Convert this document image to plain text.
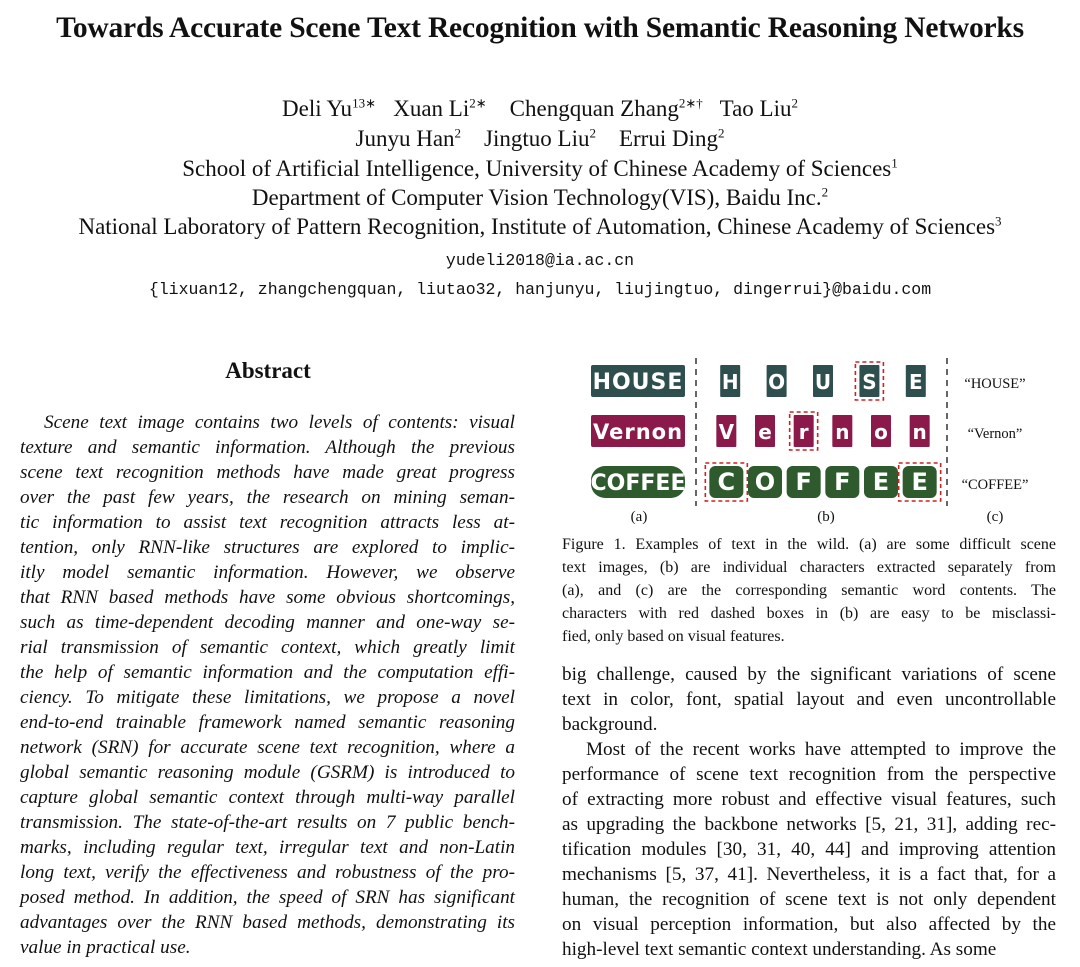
Towards Accurate Scene Text Recognition with Semantic Reasoning Networks
Deli $Yu^{13∗}$ Xuan $Li^{2∗}$ Chengquan Zhang$^{2∗\dagger}$ Tao Liu$^2$
Junyu Han$^2$ Jingtuo Liu$^2$ Errui Ding$^2$
School of Artificial Intelligence, University of Chinese Academy of Sciences$^1$
Department of Computer Vision Technology(VIS), Baidu Inc.$^2$
National Laboratory of Pattern Recognition, Institute of Automation, Chinese Academy of Sciences$^3$
yudeli2018@ia.ac.cn
{lixuan12, zhangchengquan, liutao32, hanjunyu, liujingtuo, dingerrui}@baidu.com
Abstract
Scene text image contains two levels of contents: visual
texture and semantic information. Although the previous
scene text recognition methods have made great progress
over the past few years, the research on mining seman-
tic information to assist text recognition attracts less at-
tention, only RNN-like structures are explored to implic-
itly model semantic information. However, we observe
that RNN based methods have some obvious shortcomings,
such as time-dependent decoding manner and one-way se-
rial transmission of semantic context, which greatly limit
the help of semantic information and the computation effi-
ciency. To mitigate these limitations, we propose a novel
end-to-end trainable framework named semantic reasoning
network (SRN) for accurate scene text recognition, where a
global semantic reasoning module (GSRM) is introduced to
capture global semantic context through multi-way parallel
transmission. The state-of-the-art results on 7 public bench-
marks, including regular text, irregular text and non-Latin
long text, verify the effectiveness and robustness of the pro-
posed method. In addition, the speed of SRN has significant
advantages over the RNN based methods, demonstrating its
value in practical use.
HOUSE H O U S E	“HOUSE”
Vernon V e r n o n	“Vernon”
COFFEE C O F F E E “COFFEE”
(a)	(b)	(c)
Figure 1. Examples of text in the wild. (a) are some difficult scene
text images, (b) are individual characters extracted separately from
(a), and (c) are the corresponding semantic word contents. The
characters with red dashed boxes in (b) are easy to be misclassi-
fied, only based on visual features.
big challenge, caused by the significant variations of scene
text in color, font, spatial layout and even uncontrollable
background.
Most of the recent works have attempted to improve the
performance of scene text recognition from the perspective
of extracting more robust and effective visual features, such
as upgrading the backbone networks [5, 21, 31], adding rec-
tification modules [30, 31, 40, 44] and improving attention
mechanisms [5, 37, 41]. Nevertheless, it is a fact that, for a
human, the recognition of scene text is not only dependent
on visual perception information, but also affected by the
high-level text semantic context understanding. As some
